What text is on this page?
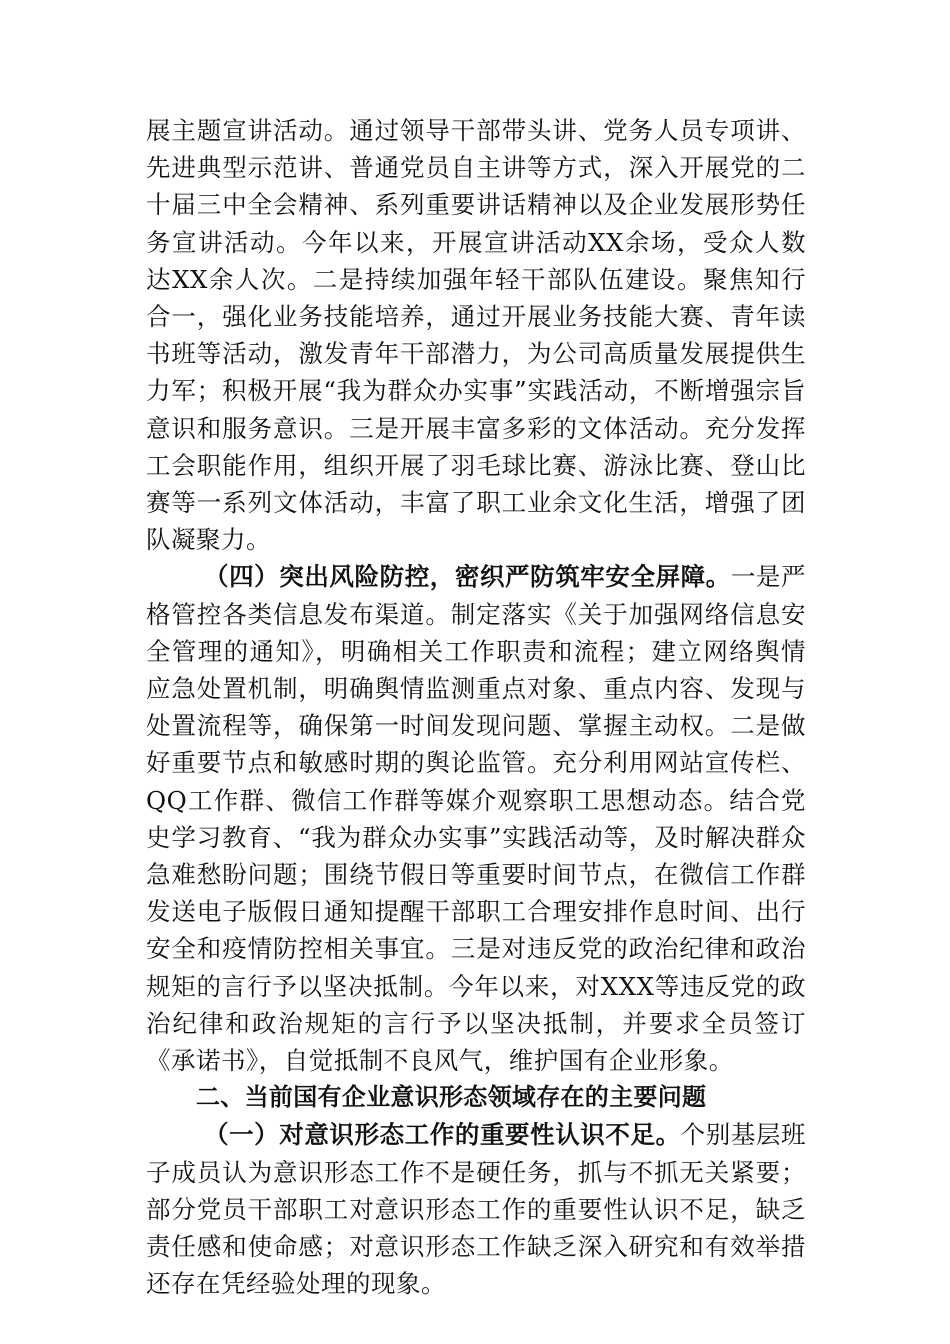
展主题宣讲活动。通过领导干部带头讲、党务人员专项讲、先进典型示范讲、普通党员自主讲等方式，深入开展党的二十届三中全会精神、系列重要讲话精神以及企业发展形势任务宣讲活动。今年以来，开展宣讲活动XX余场，受众人数达XX余人次。二是持续加强年轻干部队伍建设。聚焦知行合一，强化业务技能培养，通过开展业务技能大赛、青年读书班等活动，激发青年干部潜力，为公司高质量发展提供生力军；积极开展“我为群众办实事”实践活动，不断增强宗旨意识和服务意识。三是开展丰富多彩的文体活动。充分发挥工会职能作用，组织开展了羽毛球比赛、游泳比赛、登山比赛等一系列文体活动，丰富了职工业余文化生活，增强了团队凝聚力。

（四）突出风险防控，密织严防筑牢安全屏障。一是严格管控各类信息发布渠道。制定落实《关于加强网络信息安全管理的通知》，明确相关工作职责和流程；建立网络舆情应急处置机制，明确舆情监测重点对象、重点内容、发现与处置流程等，确保第一时间发现问题、掌握主动权。二是做好重要节点和敏感时期的舆论监管。充分利用网站宣传栏、QQ工作群、微信工作群等媒介观察职工思想动态。结合党史学习教育、“我为群众办实事”实践活动等，及时解决群众急难愁盼问题；围绕节假日等重要时间节点，在微信工作群发送电子版假日通知提醒干部职工合理安排作息时间、出行安全和疫情防控相关事宜。三是对违反党的政治纪律和政治规矩的言行予以坚决抵制。今年以来，对XXX等违反党的政治纪律和政治规矩的言行予以坚决抵制，并要求全员签订《承诺书》，自觉抵制不良风气，维护国有企业形象。

二、当前国有企业意识形态领域存在的主要问题

（一）对意识形态工作的重要性认识不足。个别基层班子成员认为意识形态工作不是硬任务，抓与不抓无关紧要；部分党员干部职工对意识形态工作的重要性认识不足，缺乏责任感和使命感；对意识形态工作缺乏深入研究和有效举措还存在凭经验处理的现象。
